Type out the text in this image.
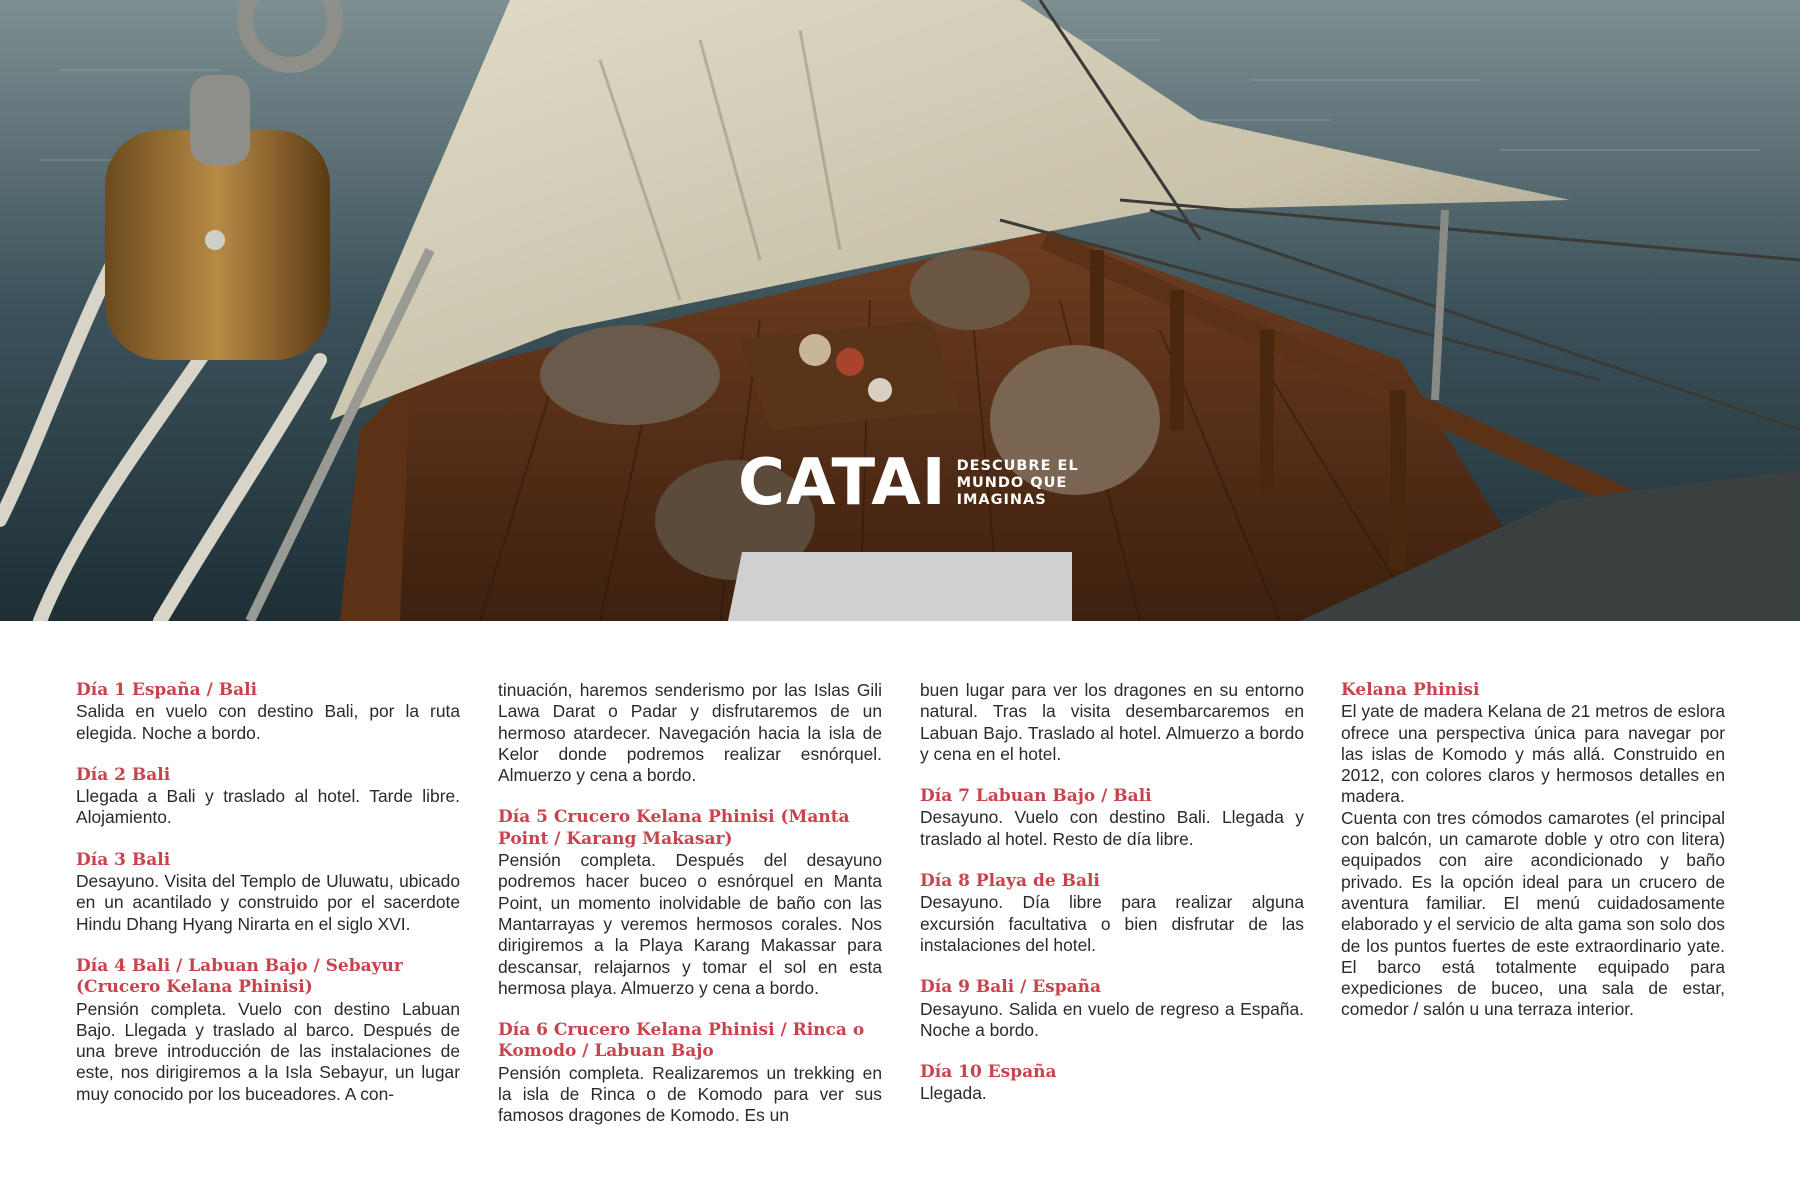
CATAI DESCUBRE EL
MUNDO QUE
IMAGINAS
Día 1 España / Bali

Salida en vuelo con destino Bali, por la ruta elegida. Noche a bordo.

Día 2 Bali

Llegada a Bali y traslado al hotel. Tarde libre. Alojamiento.

Día 3 Bali

Desayuno. Visita del Templo de Uluwatu, ubicado en un acantilado y construido por el sacerdote Hindu Dhang Hyang Nirarta en el siglo XVI.

Día 4 Bali / Labuan Bajo / Sebayur (Crucero Kelana Phinisi)

Pensión completa. Vuelo con destino Labuan Bajo. Llegada y traslado al barco. Después de una breve introducción de las instalaciones de este, nos dirigiremos a la Isla Sebayur, un lugar muy conocido por los buceadores. A con-

tinuación, haremos senderismo por las Islas Gili Lawa Darat o Padar y disfrutaremos de un hermoso atardecer. Navegación hacia la isla de Kelor donde podremos realizar esnórquel. Almuerzo y cena a bordo.

Día 5 Crucero Kelana Phinisi (Manta Point / Karang Makasar)

Pensión completa. Después del desayuno podremos hacer buceo o esnórquel en Manta Point, un momento inolvidable de baño con las Mantarrayas y veremos hermosos corales. Nos dirigiremos a la Playa Karang Makassar para descansar, relajarnos y tomar el sol en esta hermosa playa. Almuerzo y cena a bordo.

Día 6 Crucero Kelana Phinisi / Rinca o Komodo / Labuan Bajo

Pensión completa. Realizaremos un trekking en la isla de Rinca o de Komodo para ver sus famosos dragones de Komodo. Es un

buen lugar para ver los dragones en su entorno natural. Tras la visita desembarcaremos en Labuan Bajo. Traslado al hotel. Almuerzo a bordo y cena en el hotel.

Día 7 Labuan Bajo / Bali

Desayuno. Vuelo con destino Bali. Llegada y traslado al hotel. Resto de día libre.

Día 8 Playa de Bali

Desayuno. Día libre para realizar alguna excursión facultativa o bien disfrutar de las instalaciones del hotel.

Día 9 Bali / España

Desayuno. Salida en vuelo de regreso a España. Noche a bordo.

Día 10 España

Llegada.

Kelana Phinisi

El yate de madera Kelana de 21 metros de eslora ofrece una perspectiva única para navegar por las islas de Komodo y más allá. Construido en 2012, con colores claros y hermosos detalles en madera.

Cuenta con tres cómodos camarotes (el principal con balcón, un camarote doble y otro con litera) equipados con aire acondicionado y baño privado. Es la opción ideal para un crucero de aventura familiar. El menú cuidadosamente elaborado y el servicio de alta gama son solo dos de los puntos fuertes de este extraordinario yate. El barco está totalmente equipado para expediciones de buceo, una sala de estar, comedor / salón u una terraza interior.
